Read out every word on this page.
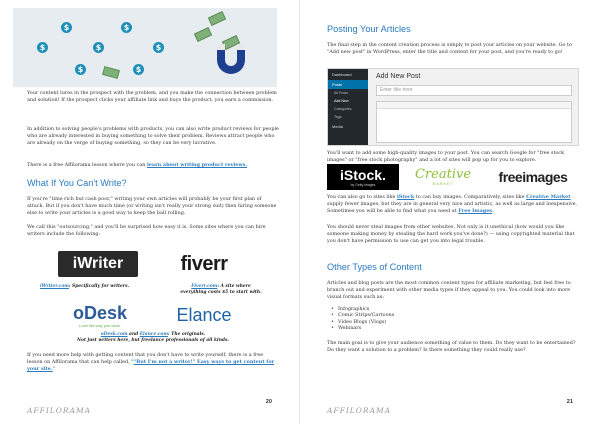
$
$
$
$
$
$	$

Your content lures in the prospect with the problem, and you make the connection between problem and solution! If the prospect clicks your affiliate link and buys the product, you earn a commission.

In addition to solving people's problems with products, you can also write product reviews for people who are already interested in buying something to solve their problem. Reviews attract people who are already on the verge of buying something, so they can be very lucrative.

There is a free Affilorama lesson where you can learn about writing product reviews.

What If You Can't Write?

If you're "time rich but cash poor," writing your own articles will probably be your first plan of attack. But if you don't have much time (or writing isn't really your strong suit) then hiring someone else to write your articles is a good way to keep the ball rolling.

We call this "outsourcing," and you'll be surprised how easy it is. Some sites where you can hire writers include the following:

iWriter	fiverr
iWriter.com: Specifically for writers.	Fiverr.com: A site where
everything costs $5 to start with.
oDesk
Love the way you work.
Elance
oDesk.com and Elance.com: The originals.
Not just writers here, but freelance professionals of all kinds.

If you need more help with getting content that you don't have to write yourself, there is a free lesson on Affilorama that can help called, ""But I'm not a writer!" Easy ways to get content for your site."

AFFILORAMA
20
Posting Your Articles

The final step in the content creation process is simply to post your articles on your website. Go to "Add new post" in WordPress, enter the title and content for your post, and you're ready to go!

Dashboard
Posts
All Posts
Add New
Categories
Tags
Media
Add New Post
Enter title here

You'll want to add some high-quality images to your post. You can search Google for "free stock images" or "free stock photography" and a lot of sites will pop up for you to explore.

iStock.
by Getty Images
Creative
MARKET	freeimages

You can also go to sites like iStock to can buy images. Comparatively, sites like Creative Market supply fewer images, but they are in general very nice and artistic, as well as large and inexpensive. Sometimes you will be able to find what you need at Free Images.

You should never steal images from other websites. Not only is it unethical (how would you like someone making money by stealing the hard work you've done?) — using copyrighted material that you don't have permission to use can get you into legal trouble.

Other Types of Content

Articles and blog posts are the most common content types for affiliate marketing, but feel free to branch out and experiment with other media types if they appeal to you. You could look into more visual formats such as:

• Infographics
• Comic Strips/Cartoons
• Video Blogs (Vlogs)
• Webinars

The main goal is to give your audience something of value to them. Do they want to be entertained? Do they want a solution to a problem? Is there something they could really use?

AFFILORAMA
21
